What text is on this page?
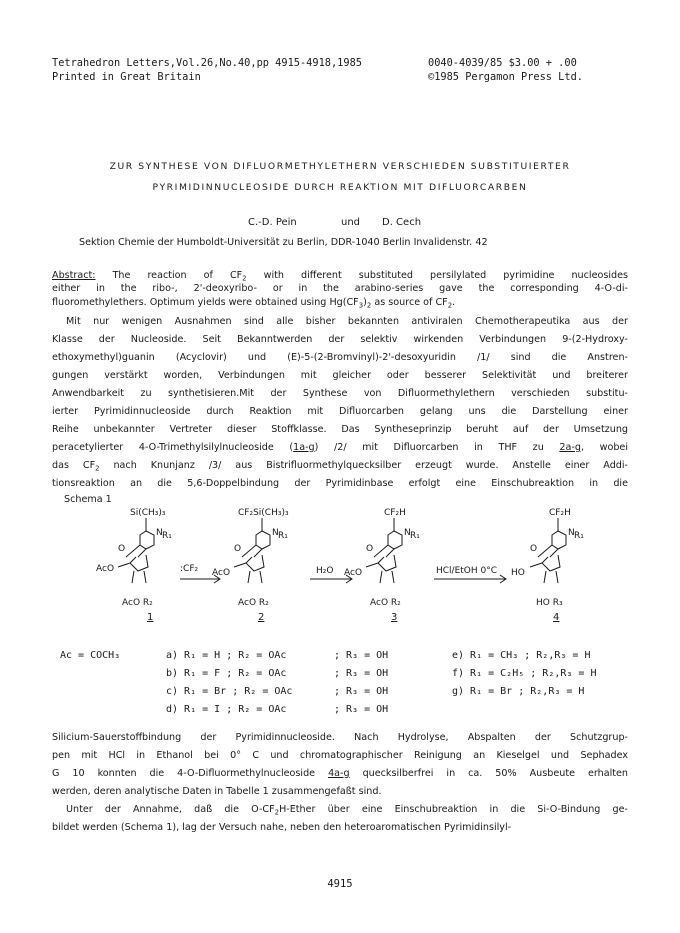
Tetrahedron Letters,Vol.26,No.40,pp 4915-4918,1985	0040-4039/85 $3.00 + .00
Printed in Great Britain	©1985 Pergamon Press Ltd.
ZUR SYNTHESE VON DIFLUORMETHYLETHERN VERSCHIEDEN SUBSTITUIERTER
PYRIMIDINNUCLEOSIDE DURCH REAKTION MIT DIFLUORCARBEN
C.-D. Pein	und D. Cech
Sektion Chemie der Humboldt-Universität zu Berlin, DDR-1040 Berlin Invalidenstr. 42
Abstract: The reaction of $CF_2$ with different substituted persilylated pyrimidine nucleosides
either in the ribo-, 2'-deoxyribo- or in the arabino-series gave the corresponding 4-O-di-
fluoromethylethers. Optimum yields were obtained using $Hg(CF_3)_2$ as source of $CF_2$.
Mit nur wenigen Ausnahmen sind alle bisher bekannten antiviralen Chemotherapeutika aus der
Klasse der Nucleoside. Seit Bekanntwerden der selektiv wirkenden Verbindungen 9-(2-Hydroxy-
ethoxymethyl)guanin (Acyclovir) und (E)-5-(2-Bromvinyl)-2'-desoxyuridin /1/ sind die Anstren-
gungen verstärkt worden, Verbindungen mit gleicher oder besserer Selektivität und breiterer
Anwendbarkeit zu synthetisieren.Mit der Synthese von Difluormethylethern verschieden substitu-
ierter Pyrimidinnucleoside durch Reaktion mit Difluorcarben gelang uns die Darstellung einer
Reihe unbekannter Vertreter dieser Stoffklasse. Das Syntheseprinzip beruht auf der Umsetzung
peracetylierter 4-O-Trimethylsilylnucleoside (1a-g) /2/ mit Difluorcarben in THF zu 2a-g, wobei
das $CF_2$ nach Knunjanz /3/ aus Bistrifluormethylquecksilber erzeugt wurde. Anstelle einer Addi-
tionsreaktion an die 5,6-Doppelbindung der Pyrimidinbase erfolgt eine Einschubreaktion in die
Schema 1
Si(CH₃)₃	CF₂Si(CH₃)₃	CF₂H	CF₂H
N R₁	N R₁	N R₁	N R₁
O	O	O	O
AcO	AcO	AcO	HO
AcO R₂	AcO R₂	AcO R₂	HO R₃
:CF₂	H₂O	HCl/EtOH 0°C
1	2	3	4
Ac = COCH₃	a) R₁ = H ; R₂ = OAc	; R₃ = OH	e) R₁ = CH₃ ; R₂,R₃ = H
b) R₁ = F ; R₂ = OAc	; R₃ = OH	f) R₁ = C₂H₅ ; R₂,R₃ = H
c) R₁ = Br ; R₂ = OAc	; R₃ = OH	g) R₁ = Br ; R₂,R₃ = H
d) R₁ = I ; R₂ = OAc	; R₃ = OH
Silicium-Sauerstoffbindung der Pyrimidinnucleoside. Nach Hydrolyse, Abspalten der Schutzgrup-
pen mit HCl in Ethanol bei 0° C und chromatographischer Reinigung an Kieselgel und Sephadex
G 10 konnten die 4-O-Difluormethylnucleoside 4a-g quecksilberfrei in ca. 50% Ausbeute erhalten
werden, deren analytische Daten in Tabelle 1 zusammengefaßt sind.
Unter der Annahme, daß die $O-CF_2H$-Ether über eine Einschubreaktion in die Si-O-Bindung ge-
bildet werden (Schema 1), lag der Versuch nahe, neben den heteroaromatischen Pyrimidinsilyl-
4915
